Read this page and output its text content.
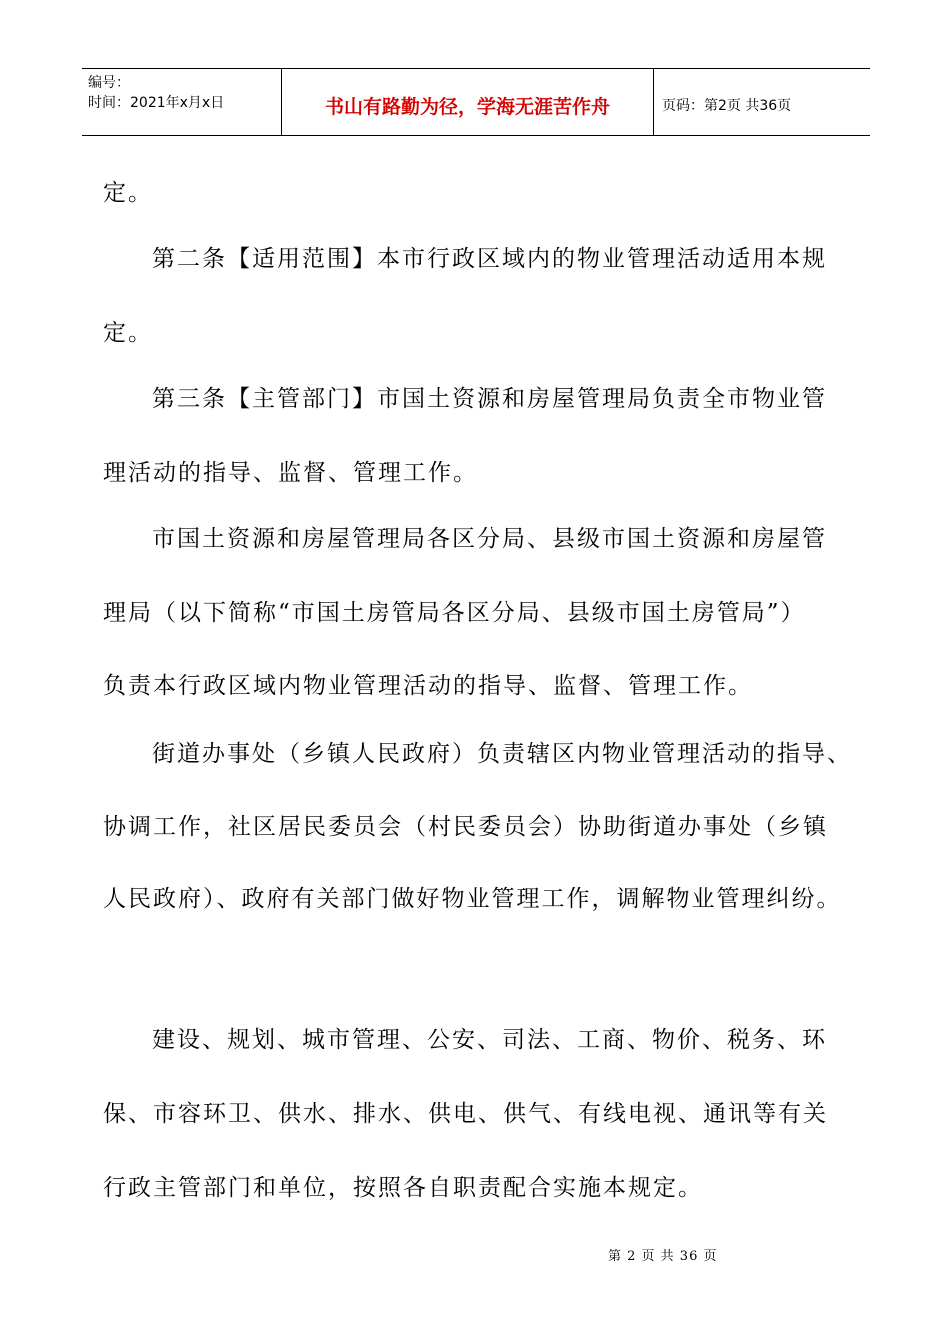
编号：
时间：2021年x月x日	书山有路勤为径，学海无涯苦作舟	页码：第2页 共36页
定。
第二条【适用范围】本市行政区域内的物业管理活动适用本规
定。
第三条【主管部门】市国土资源和房屋管理局负责全市物业管
理活动的指导、监督、管理工作。
市国土资源和房屋管理局各区分局、县级市国土资源和房屋管
理局（以下简称“市国土房管局各区分局、县级市国土房管局”）
负责本行政区域内物业管理活动的指导、监督、管理工作。
街道办事处（乡镇人民政府）负责辖区内物业管理活动的指导、
协调工作，社区居民委员会（村民委员会）协助街道办事处（乡镇
人民政府）、政府有关部门做好物业管理工作，调解物业管理纠纷。
建设、规划、城市管理、公安、司法、工商、物价、税务、环
保、市容环卫、供水、排水、供电、供气、有线电视、通讯等有关
行政主管部门和单位，按照各自职责配合实施本规定。
第 2 页 共 36 页
